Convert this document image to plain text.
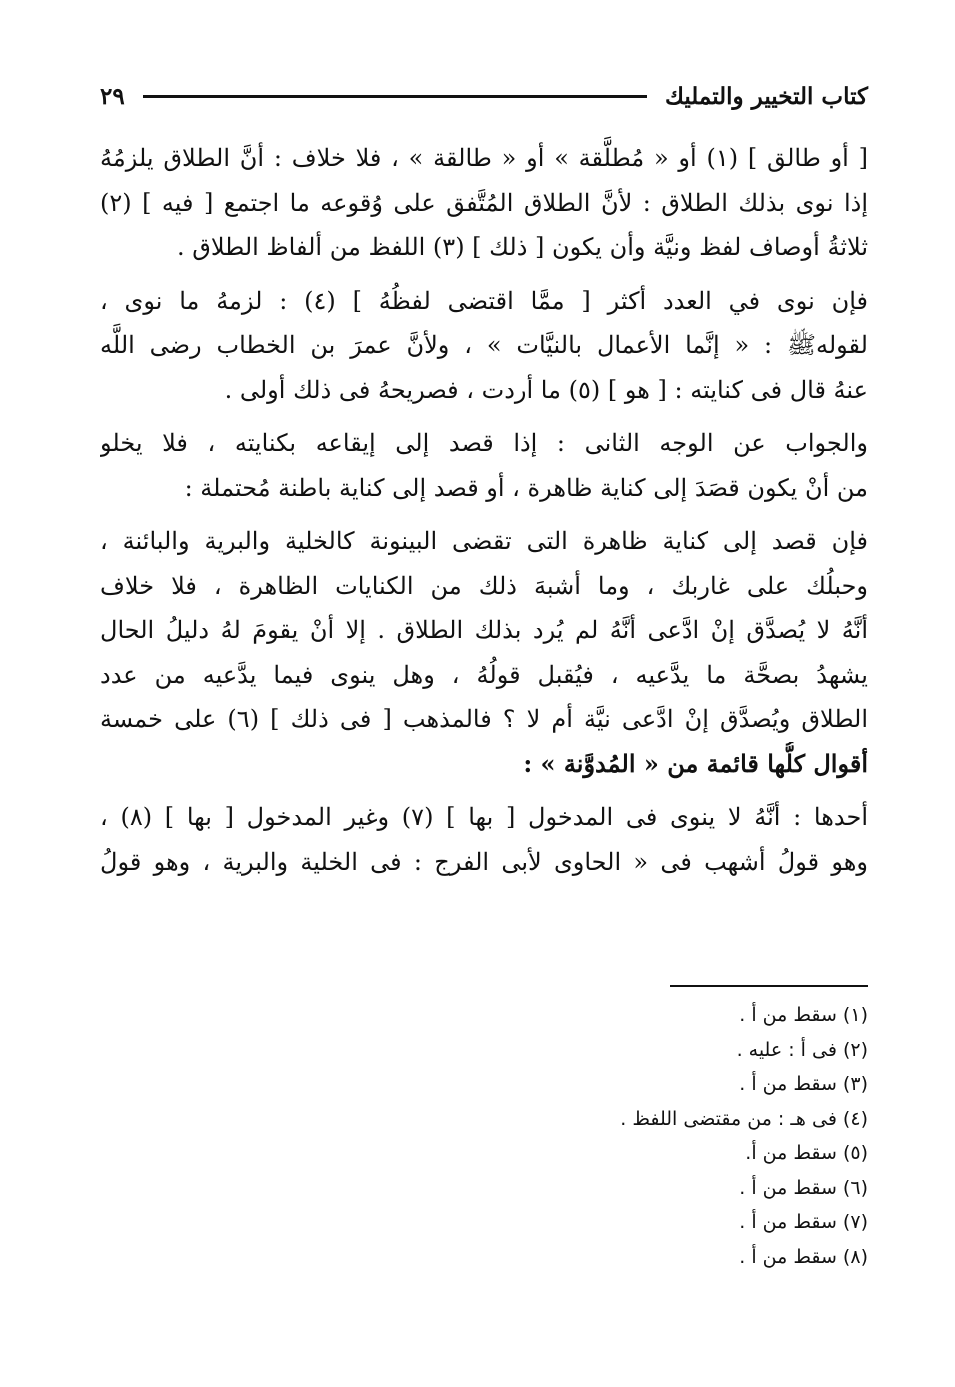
كتاب التخيير والتمليك
٢٩
[ أو طالق ] (١) أو « مُطلَّقة » أو « طالقة » ، فلا خلاف : أنَّ الطلاق يلزمُهُ
إذا نوى بذلك الطلاق : لأنَّ الطلاق المُتَّفق على وُقوعه ما اجتمع [ فيه ] (٢)
ثلاثةُ أوصاف لفظ ونيَّة وأن يكون [ ذلك ] (٣) اللفظ من ألفاظ الطلاق .
فإن نوى في العدد أكثر [ ممَّا اقتضى لفظُهُ ] (٤) : لزمهُ ما نوى ،
لقولهﷺ : « إنَّما الأعمال بالنيَّات » ، ولأنَّ عمرَ بن الخطاب رضى اللَّه
عنهُ قال فى كنايته : [ هو ] (٥) ما أردت ، فصريحهُ فى ذلك أولى .
والجواب عن الوجه الثانى : إذا قصد إلى إيقاعه بكنايته ، فلا يخلو
من أنْ يكون قصَدَ إلى كناية ظاهرة ، أو قصد إلى كناية باطنة مُحتملة :
فإن قصد إلى كناية ظاهرة التى تقضى البينونة كالخلية والبرية والبائنة ،
وحبلُك على غاربك ، وما أشبهَ ذلك من الكنايات الظاهرة ، فلا خلاف
أنَّهُ لا يُصدَّق إنْ ادَّعى أنَّهُ لم يُرد بذلك الطلاق . إلا أنْ يقومَ لهُ دليلُ الحال
يشهدُ بصحَّة ما يدَّعيه ، فيُقبل قولُهُ ، وهل ينوى فيما يدَّعيه من عدد
الطلاق ويُصدَّق إنْ ادَّعى نيَّة أم لا ؟ فالمذهب [ فى ذلك ] (٦) على خمسة
أقوال كلُّها قائمة من « المُدوَّنة » :
أحدها : أنَّهُ لا ينوى فى المدخول [ بها ] (٧) وغير المدخول [ بها ] (٨) ،
وهو قولُ أشهب فى « الحاوى لأبى الفرج : فى الخلية والبرية ، وهو قولُ
(١) سقط من أ .
(٢) فى أ : عليه .
(٣) سقط من أ .
(٤) فى هـ : من مقتضى اللفظ .
(٥) سقط من أ.
(٦) سقط من أ .
(٧) سقط من أ .
(٨) سقط من أ .
